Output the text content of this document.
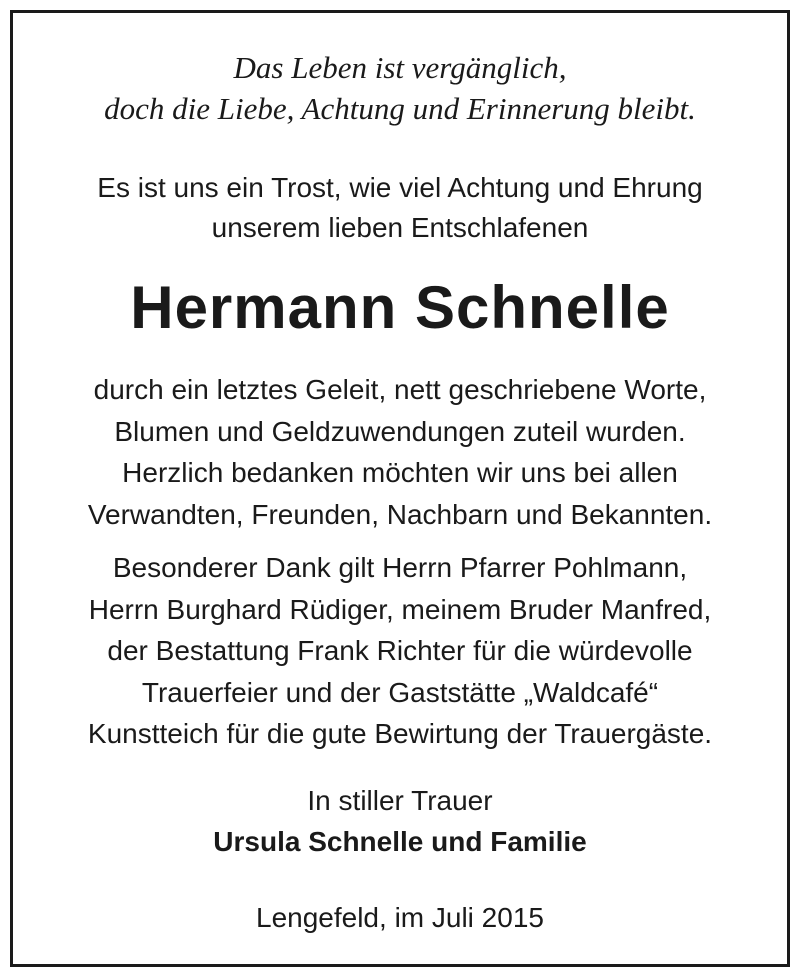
Das Leben ist vergänglich,
doch die Liebe, Achtung und Erinnerung bleibt.
Es ist uns ein Trost, wie viel Achtung und Ehrung
unserem lieben Entschlafenen
Hermann Schnelle
durch ein letztes Geleit, nett geschriebene Worte,
Blumen und Geldzuwendungen zuteil wurden.
Herzlich bedanken möchten wir uns bei allen
Verwandten, Freunden, Nachbarn und Bekannten.
Besonderer Dank gilt Herrn Pfarrer Pohlmann,
Herrn Burghard Rüdiger, meinem Bruder Manfred,
der Bestattung Frank Richter für die würdevolle
Trauerfeier und der Gaststätte „Waldcafé“
Kunstteich für die gute Bewirtung der Trauergäste.
In stiller Trauer
Ursula Schnelle und Familie
Lengefeld, im Juli 2015
